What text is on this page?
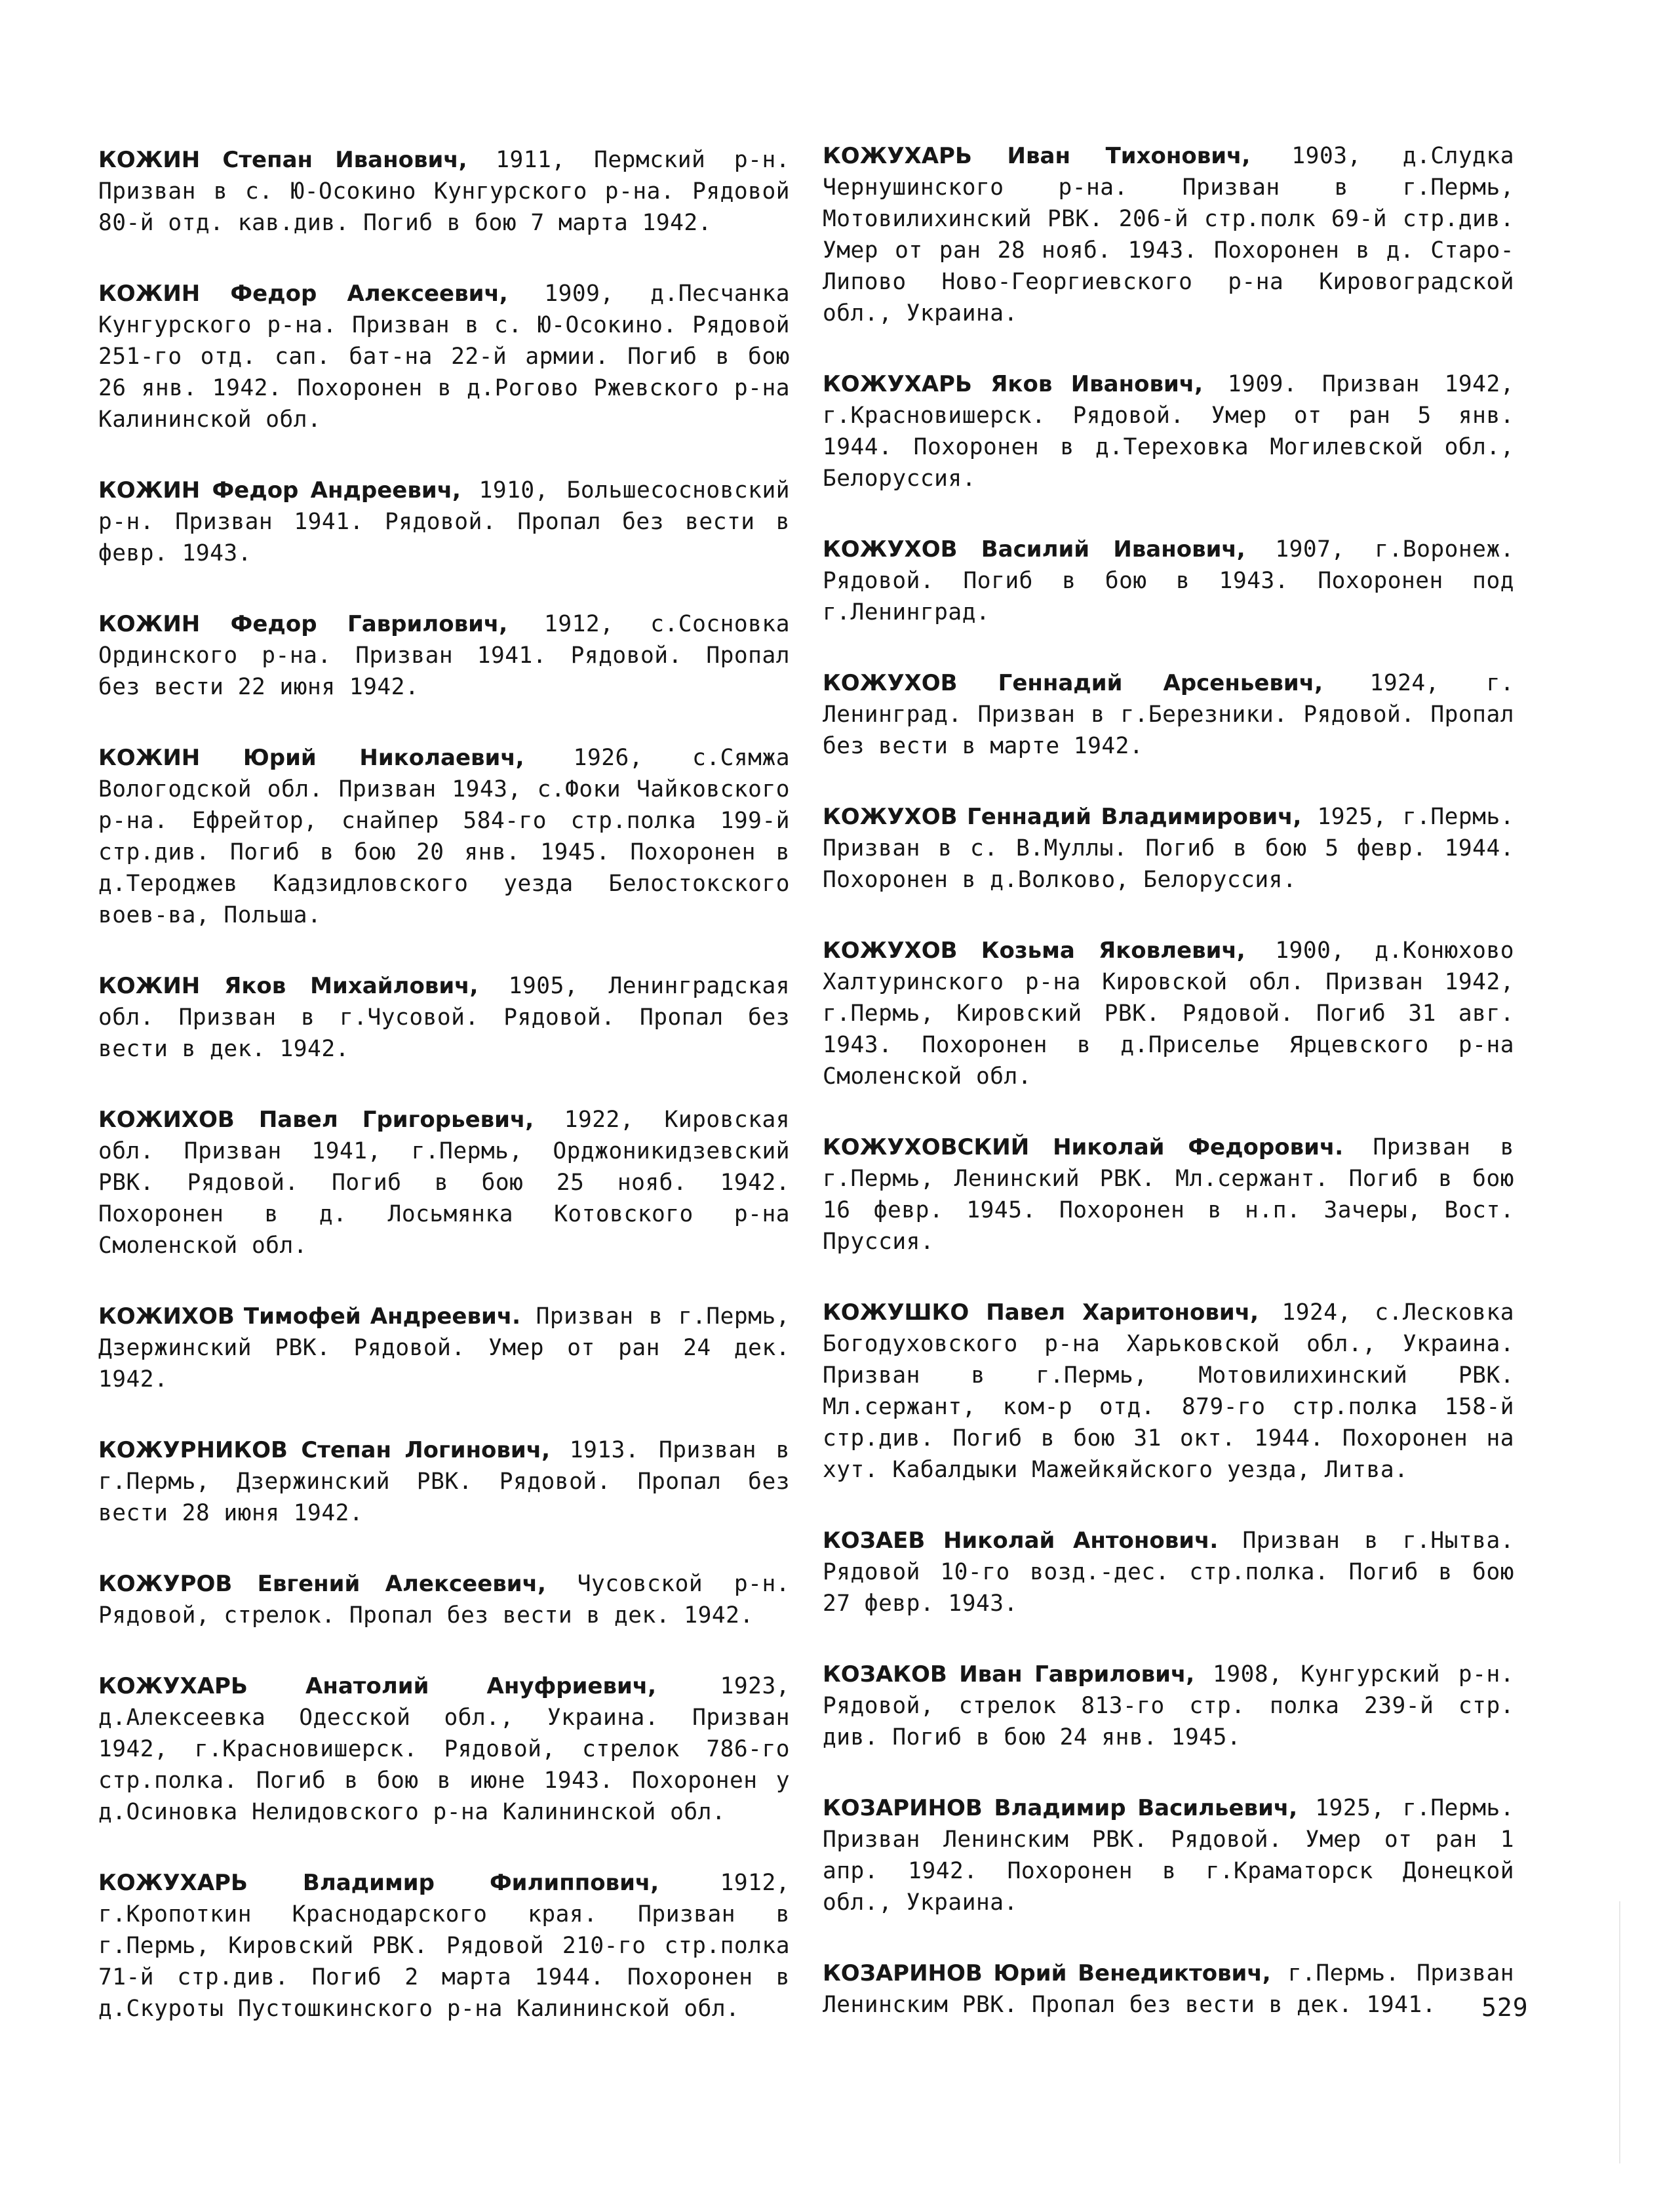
КОЖИН Степан Иванович, 1911, Пермский р-н. Призван в с. Ю-Осокино Кунгурского р-на. Рядовой 80-й отд. кав.див. Погиб в бою 7 марта 1942.

КОЖИН Федор Алексеевич, 1909, д.Песчанка Кунгурского р-на. Призван в с. Ю-Осокино. Рядовой 251-го отд. сап. бат-на 22-й армии. Погиб в бою 26 янв. 1942. Похоронен в д.Рогово Ржевского р-на Калининской обл.

КОЖИН Федор Андреевич, 1910, Большесосновский р-н. Призван 1941. Рядовой. Пропал без вести в февр. 1943.

КОЖИН Федор Гаврилович, 1912, с.Сосновка Ординского р-на. Призван 1941. Рядовой. Пропал без вести 22 июня 1942.

КОЖИН Юрий Николаевич, 1926, с.Сямжа Вологодской обл. Призван 1943, с.Фоки Чайковского р-на. Ефрейтор, снайпер 584-го стр.полка 199-й стр.див. Погиб в бою 20 янв. 1945. Похоронен в д.Тероджев Кадзидловского уезда Белостокского воев-ва, Польша.

КОЖИН Яков Михайлович, 1905, Ленинградская обл. Призван в г.Чусовой. Рядовой. Пропал без вести в дек. 1942.

КОЖИХОВ Павел Григорьевич, 1922, Кировская обл. Призван 1941, г.Пермь, Орджоникидзевский РВК. Рядовой. Погиб в бою 25 нояб. 1942. Похоронен в д. Лосьмянка Котовского р-на Смоленской обл.

КОЖИХОВ Тимофей Андреевич. Призван в г.Пермь, Дзержинский РВК. Рядовой. Умер от ран 24 дек. 1942.

КОЖУРНИКОВ Степан Логинович, 1913. Призван в г.Пермь, Дзержинский РВК. Рядовой. Пропал без вести 28 июня 1942.

КОЖУРОВ Евгений Алексеевич, Чусовской р-н. Рядовой, стрелок. Пропал без вести в дек. 1942.

КОЖУХАРЬ Анатолий Ануфриевич,	1923, д.Алексеевка Одесской обл., Украина. Призван 1942, г.Красновишерск. Рядовой, стрелок 786-го стр.полка. Погиб в бою в июне 1943. Похоронен у д.Осиновка Нелидовского р-на Калининской обл.

КОЖУХАРЬ Владимир Филиппович,	1912, г.Кропоткин Краснодарского края. Призван в г.Пермь, Кировский РВК. Рядовой 210-го стр.полка 71-й стр.див. Погиб 2 марта 1944. Похоронен в д.Скуроты Пустошкинского р-на Калининской обл.

КОЖУХАРЬ Иван Тихонович, 1903, д.Слудка Чернушинского р-на. Призван в г.Пермь, Мотовилихинский РВК. 206-й стр.полк 69-й стр.див. Умер от ран 28 нояб. 1943. Похоронен в д. Старо-Липово Ново-Георгиевского р-на Кировоградской обл., Украина.

КОЖУХАРЬ Яков Иванович, 1909. Призван 1942, г.Красновишерск. Рядовой. Умер от ран 5 янв. 1944. Похоронен в д.Тереховка Могилевской обл., Белоруссия.

КОЖУХОВ Василий Иванович, 1907, г.Воронеж. Рядовой. Погиб в бою в 1943. Похоронен под г.Ленинград.

КОЖУХОВ Геннадий Арсеньевич, 1924, г. Ленинград. Призван в г.Березники. Рядовой. Пропал без вести в марте 1942.

КОЖУХОВ Геннадий Владимирович, 1925, г.Пермь. Призван в с. В.Муллы. Погиб в бою 5 февр. 1944. Похоронен в д.Волково, Белоруссия.

КОЖУХОВ Козьма Яковлевич, 1900, д.Конюхово Халтуринского р-на Кировской обл. Призван 1942, г.Пермь, Кировский РВК. Рядовой. Погиб 31 авг. 1943. Похоронен в д.Приселье Ярцевского р-на Смоленской обл.

КОЖУХОВСКИЙ Николай Федорович. Призван в г.Пермь, Ленинский РВК. Мл.сержант. Погиб в бою 16 февр. 1945. Похоронен в н.п. Зачеры, Вост. Пруссия.

КОЖУШКО Павел Харитонович, 1924, с.Лесковка Богодуховского р-на Харьковской обл., Украина. Призван в г.Пермь, Мотовилихинский РВК. Мл.сержант, ком-р отд. 879-го стр.полка 158-й стр.див. Погиб в бою 31 окт. 1944. Похоронен на хут. Кабалдыки Мажейкяйского уезда, Литва.

КОЗАЕВ Николай Антонович. Призван в г.Нытва. Рядовой 10-го возд.-дес. стр.полка. Погиб в бою 27 февр. 1943.

КОЗАКОВ Иван Гаврилович, 1908, Кунгурский р-н. Рядовой, стрелок 813-го стр. полка 239-й стр. див. Погиб в бою 24 янв. 1945.

КОЗАРИНОВ Владимир Васильевич, 1925, г.Пермь. Призван Ленинским РВК. Рядовой. Умер от ран 1 апр. 1942. Похоронен в г.Краматорск Донецкой обл., Украина.

КОЗАРИНОВ Юрий Венедиктович, г.Пермь. Призван Ленинским РВК. Пропал без вести в дек. 1941.	529
